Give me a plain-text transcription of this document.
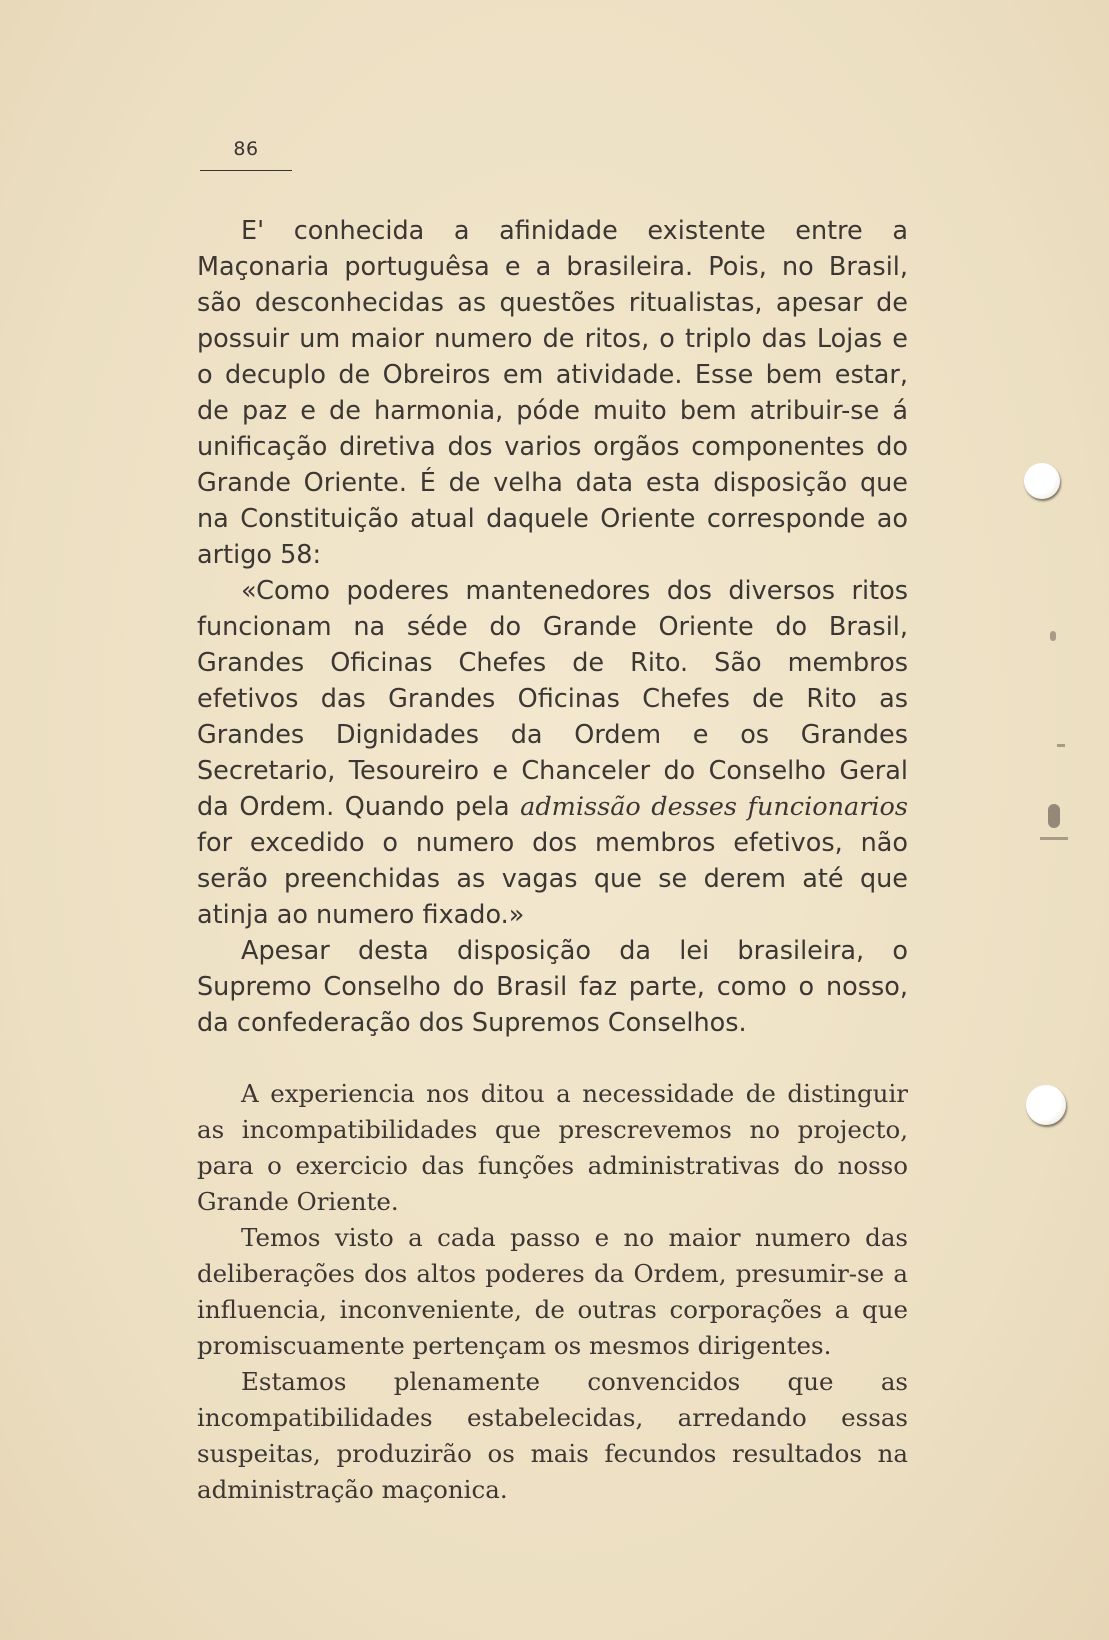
86

E' conhecida a afinidade existente entre a Maçonaria portuguêsa e a brasileira. Pois, no Brasil, são desconhecidas as questões ritualistas, apesar de possuir um maior numero de ritos, o triplo das Lojas e o decuplo de Obreiros em atividade. Esse bem estar, de paz e de harmonia, póde muito bem atribuir-se á unificação diretiva dos varios orgãos componentes do Grande Oriente. É de velha data esta disposição que na Constituição atual daquele Oriente corresponde ao artigo 58:

«Como poderes mantenedores dos diversos ritos funcionam na séde do Grande Oriente do Brasil, Grandes Oficinas Chefes de Rito. São membros efetivos das Grandes Oficinas Chefes de Rito as Grandes Dignidades da Ordem e os Grandes Secretario, Tesoureiro e Chanceler do Conselho Geral da Ordem. Quando pela admissão desses funcionarios for excedido o numero dos membros efetivos, não serão preenchidas as vagas que se derem até que atinja ao numero fixado.»

Apesar desta disposição da lei brasileira, o Supremo Conselho do Brasil faz parte, como o nosso, da confederação dos Supremos Conselhos.

A experiencia nos ditou a necessidade de distinguir as incompatibilidades que prescrevemos no projecto, para o exercicio das funções administrativas do nosso Grande Oriente.

Temos visto a cada passo e no maior numero das deliberações dos altos poderes da Ordem, presumir-se a influencia, inconveniente, de outras corporações a que promiscuamente pertençam os mesmos dirigentes.

Estamos plenamente convencidos que as incompatibilidades estabelecidas, arredando essas suspeitas, produzirão os mais fecundos resultados na administração maçonica.
